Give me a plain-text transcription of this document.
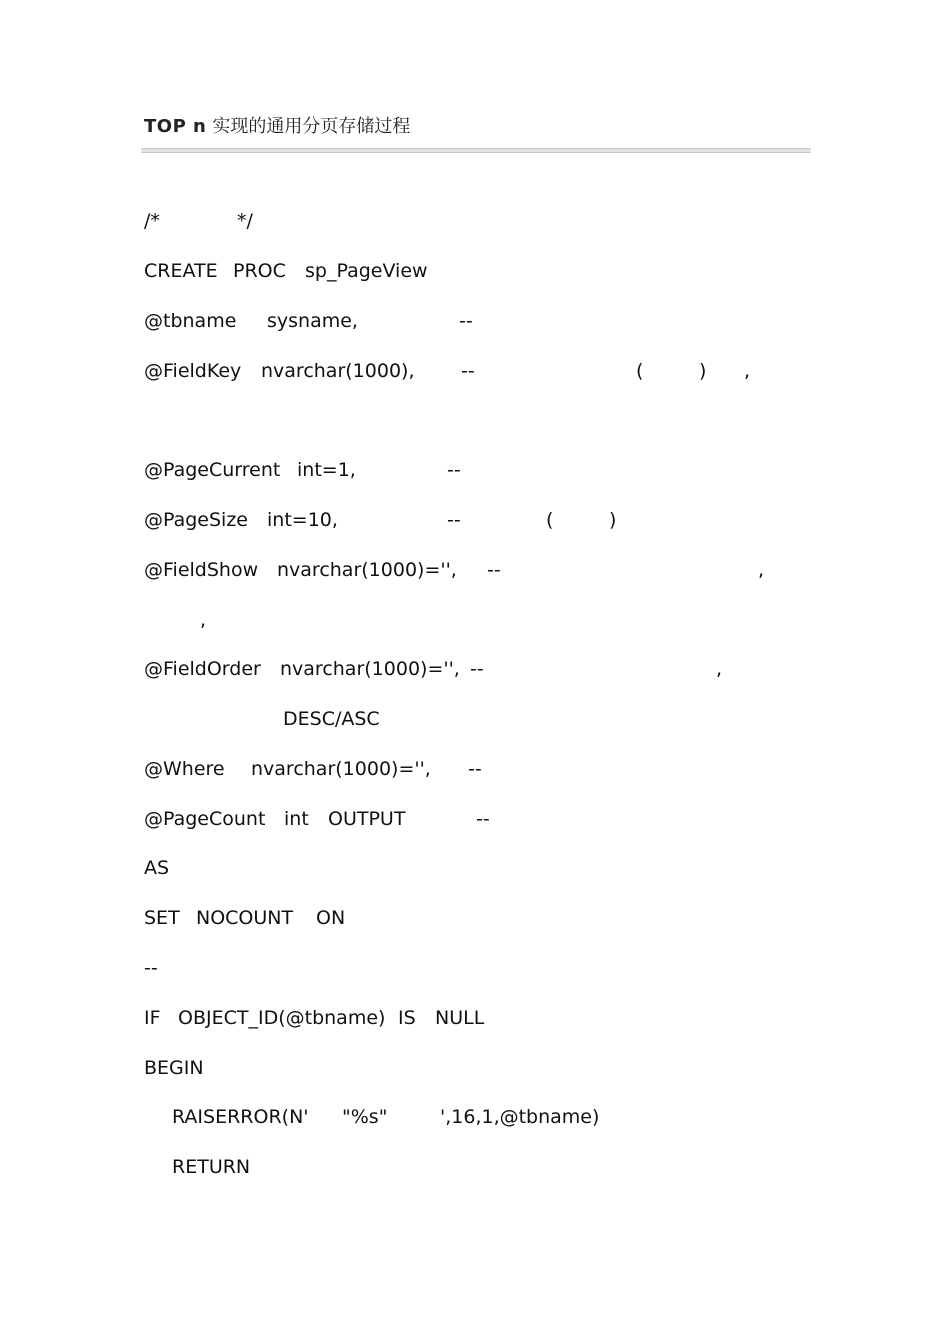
TOP n 实现的通用分页存储过程
/*	*/
CREATE PROC sp_PageView
@tbname sysname,	--
@FieldKey nvarchar(1000), --	(	) ,
@PageCurrent int=1,	--
@PageSize int=10,	--	(	)
@FieldShow nvarchar(1000)='', --	,
,
@FieldOrder nvarchar(1000)='', --	,
DESC/ASC
@Where nvarchar(1000)='', --
@PageCount int OUTPUT	--
AS
SET NOCOUNT ON
--
IF OBJECT_ID(@tbname) IS NULL
BEGIN
RAISERROR(N' "%s"	',16,1,@tbname)
RETURN
